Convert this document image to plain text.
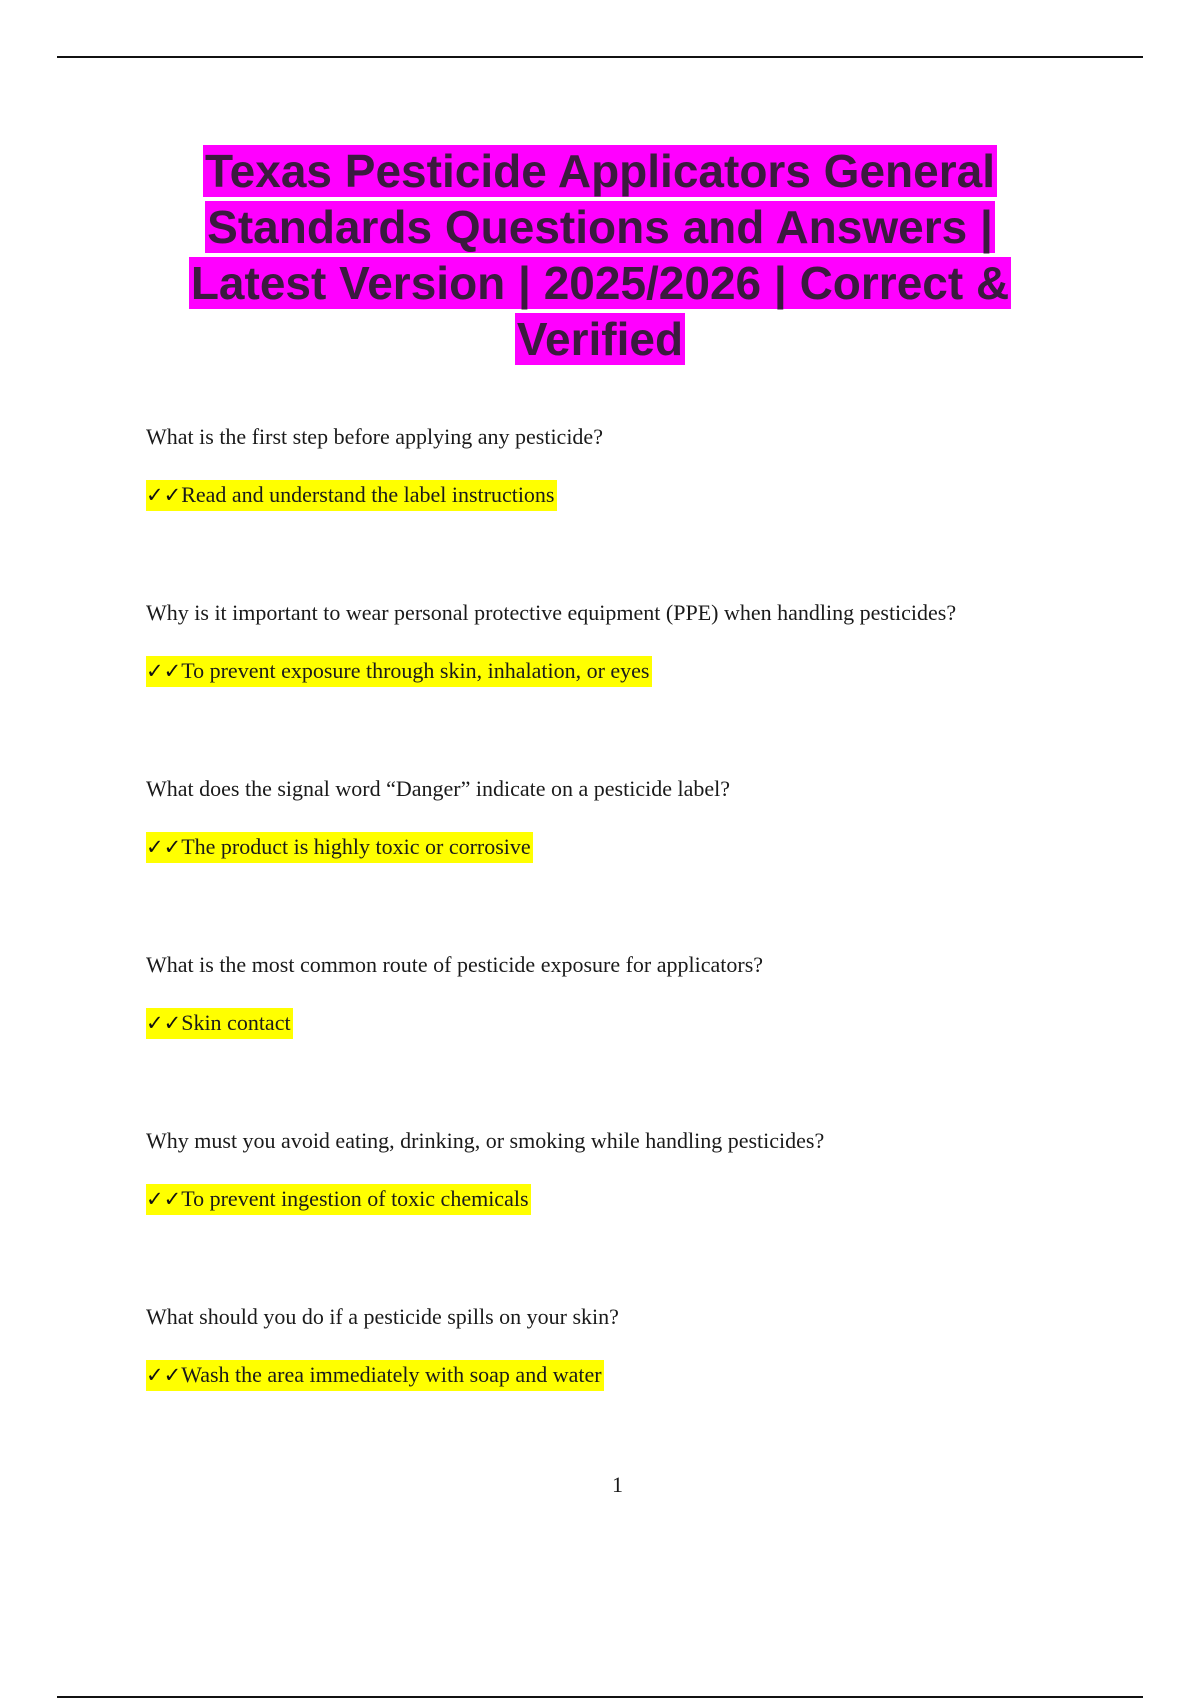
Texas Pesticide Applicators General Standards Questions and Answers | Latest Version | 2025/2026 | Correct & Verified

What is the first step before applying any pesticide?

✓✓Read and understand the label instructions

Why is it important to wear personal protective equipment (PPE) when handling pesticides?

✓✓To prevent exposure through skin, inhalation, or eyes

What does the signal word “Danger” indicate on a pesticide label?

✓✓The product is highly toxic or corrosive

What is the most common route of pesticide exposure for applicators?

✓✓Skin contact

Why must you avoid eating, drinking, or smoking while handling pesticides?

✓✓To prevent ingestion of toxic chemicals

What should you do if a pesticide spills on your skin?

✓✓Wash the area immediately with soap and water

1
